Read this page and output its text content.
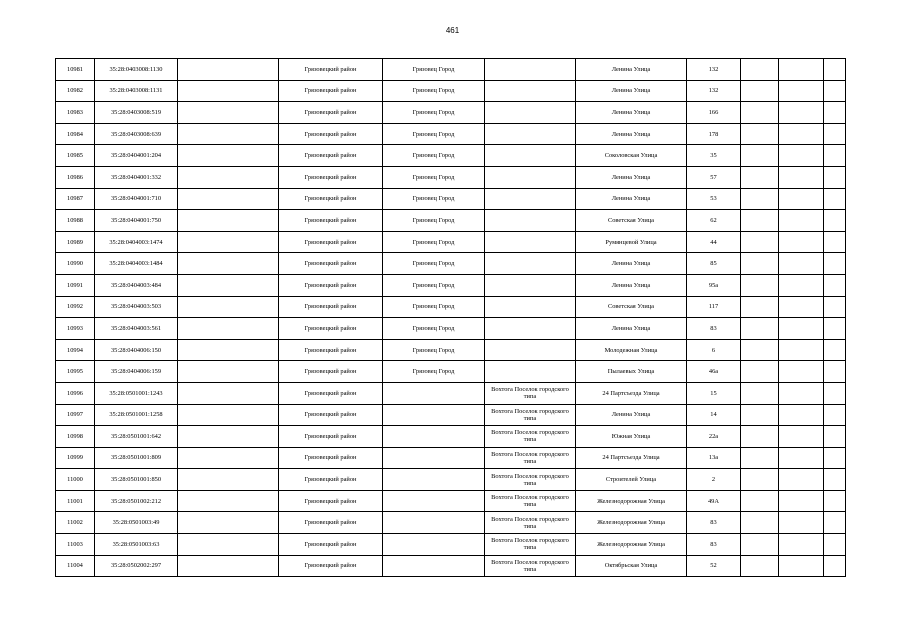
461
10981	35:28:0403008:1130		Грязовецкий район	Грязовец Город		Ленина Улица	132			
10982	35:28:0403008:1131		Грязовецкий район	Грязовец Город		Ленина Улица	132			
10983	35:28:0403008:519		Грязовецкий район	Грязовец Город		Ленина Улица	166			
10984	35:28:0403008:639		Грязовецкий район	Грязовец Город		Ленина Улица	178			
10985	35:28:0404001:204		Грязовецкий район	Грязовец Город		Соколовская Улица	35			
10986	35:28:0404001:332		Грязовецкий район	Грязовец Город		Ленина Улица	57			
10987	35:28:0404001:710		Грязовецкий район	Грязовец Город		Ленина Улица	53			
10988	35:28:0404001:750		Грязовецкий район	Грязовец Город		Советская Улица	62			
10989	35:28:0404003:1474		Грязовецкий район	Грязовец Город		Румянцевой Улица	44			
10990	35:28:0404003:1484		Грязовецкий район	Грязовец Город		Ленина Улица	85			
10991	35:28:0404003:484		Грязовецкий район	Грязовец Город		Ленина Улица	95а			
10992	35:28:0404003:503		Грязовецкий район	Грязовец Город		Советская Улица	117			
10993	35:28:0404003:561		Грязовецкий район	Грязовец Город		Ленина Улица	83			
10994	35:28:0404006:150		Грязовецкий район	Грязовец Город		Молодежная Улица	6			
10995	35:28:0404006:159		Грязовецкий район	Грязовец Город		Пылаевых Улица	46а			
10996	35:28:0501001:1243		Грязовецкий район		Вохтога Поселок городского типа	24 Партсъезда Улица	15			
10997	35:28:0501001:1258		Грязовецкий район		Вохтога Поселок городского типа	Ленина Улица	14			
10998	35:28:0501001:642		Грязовецкий район		Вохтога Поселок городского типа	Южная Улица	22а			
10999	35:28:0501001:809		Грязовецкий район		Вохтога Поселок городского типа	24 Партсъезда Улица	13а			
11000	35:28:0501001:850		Грязовецкий район		Вохтога Поселок городского типа	Строителей Улица	2			
11001	35:28:0501002:212		Грязовецкий район		Вохтога Поселок городского типа	Железнодорожная Улица	49А			
11002	35:28:0501003:49		Грязовецкий район		Вохтога Поселок городского типа	Железнодорожная Улица	83			
11003	35:28:0501003:63		Грязовецкий район		Вохтога Поселок городского типа	Железнодорожная Улица	83			
11004	35:28:0502002:297		Грязовецкий район		Вохтога Поселок городского типа	Октябрьская Улица	52			
